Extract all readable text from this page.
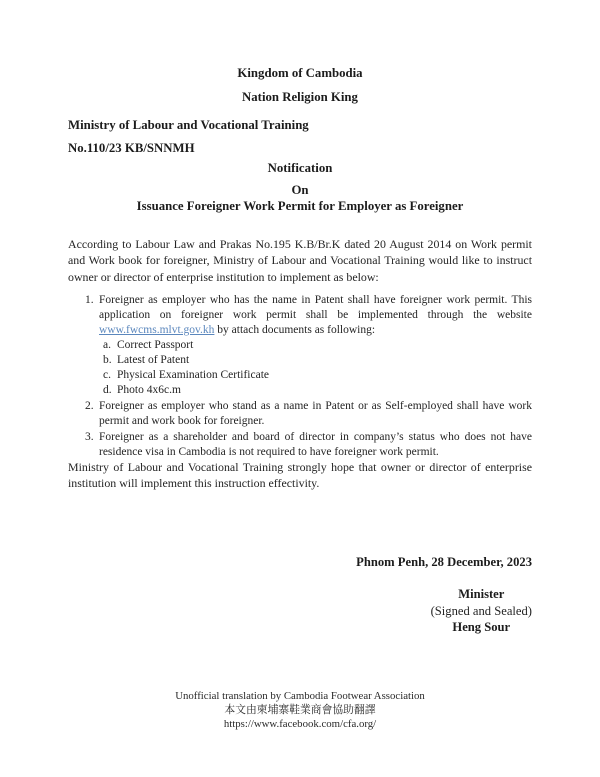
Kingdom of Cambodia
Nation Religion King
Ministry of Labour and Vocational Training
No.110/23 KB/SNNMH
Notification
On
Issuance Foreigner Work Permit for Employer as Foreigner
According to Labour Law and Prakas No.195 K.B/Br.K dated 20 August 2014 on Work permit and Work book for foreigner, Ministry of Labour and Vocational Training would like to instruct owner or director of enterprise institution to implement as below:
1. Foreigner as employer who has the name in Patent shall have foreigner work permit. This application on foreigner work permit shall be implemented through the website www.fwcms.mlvt.gov.kh by attach documents as following:
a. Correct Passport
b. Latest of Patent
c. Physical Examination Certificate
d. Photo 4x6c.m
2. Foreigner as employer who stand as a name in Patent or as Self-employed shall have work permit and work book for foreigner.
3. Foreigner as a shareholder and board of director in company’s status who does not have residence visa in Cambodia is not required to have foreigner work permit.
Ministry of Labour and Vocational Training strongly hope that owner or director of enterprise institution will implement this instruction effectivity.
Phnom Penh, 28 December, 2023
Minister
(Signed and Sealed)
Heng Sour
Unofficial translation by Cambodia Footwear Association
本文由柬埔寨鞋業商會協助翻譯
https://www.facebook.com/cfa.org/
